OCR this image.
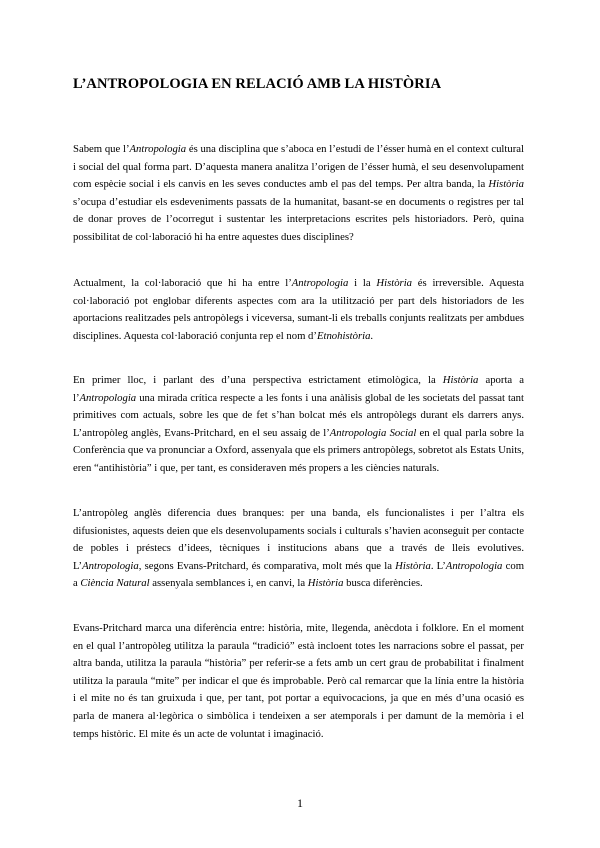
L’ANTROPOLOGIA EN RELACIÓ AMB LA HISTÒRIA

Sabem que l’Antropologia és una disciplina que s’aboca en l’estudi de l’ésser humà en el context cultural i social del qual forma part. D’aquesta manera analitza l’origen de l’ésser humà, el seu desenvolupament com espècie social i els canvis en les seves conductes amb el pas del temps. Per altra banda, la Història s’ocupa d’estudiar els esdeveniments passats de la humanitat, basant-se en documents o registres per tal de donar proves de l’ocorregut i sustentar les interpretacions escrites pels historiadors. Però, quina possibilitat de col·laboració hi ha entre aquestes dues disciplines?

Actualment, la col·laboració que hi ha entre l’Antropologia i la Història és irreversible. Aquesta col·laboració pot englobar diferents aspectes com ara la utilització per part dels historiadors de les aportacions realitzades pels antropòlegs i viceversa, sumant-li els treballs conjunts realitzats per ambdues disciplines. Aquesta col·laboració conjunta rep el nom d’Etnohistòria.

En primer lloc, i parlant des d’una perspectiva estrictament etimològica, la Història aporta a l’Antropologia una mirada crítica respecte a les fonts i una anàlisis global de les societats del passat tant primitives com actuals, sobre les que de fet s’han bolcat més els antropòlegs durant els darrers anys. L’antropòleg anglès, Evans-Pritchard, en el seu assaig de l’Antropologia Social en el qual parla sobre la Conferència que va pronunciar a Oxford, assenyala que els primers antropòlegs, sobretot als Estats Units, eren “antihistòria” i que, per tant, es consideraven més propers a les ciències naturals.

L’antropòleg anglès diferencia dues branques: per una banda, els funcionalistes i per l’altra els difusionistes, aquests deien que els desenvolupaments socials i culturals s’havien aconseguit per contacte de pobles i préstecs d’idees, tècniques i institucions abans que a través de lleis evolutives. L’Antropologia, segons Evans-Pritchard, és comparativa, molt més que la Història. L’Antropologia com a Ciència Natural assenyala semblances i, en canvi, la Història busca diferències.

Evans-Pritchard marca una diferència entre: història, mite, llegenda, anècdota i folklore. En el moment en el qual l’antropòleg utilitza la paraula “tradició” està incloent totes les narracions sobre el passat, per altra banda, utilitza la paraula “història” per referir-se a fets amb un cert grau de probabilitat i finalment utilitza la paraula “mite” per indicar el que és improbable. Però cal remarcar que la línia entre la història i el mite no és tan gruixuda i que, per tant, pot portar a equivocacions, ja que en més d’una ocasió es parla de manera al·legòrica o simbòlica i tendeixen a ser atemporals i per damunt de la memòria i el temps històric. El mite és un acte de voluntat i imaginació.

1
